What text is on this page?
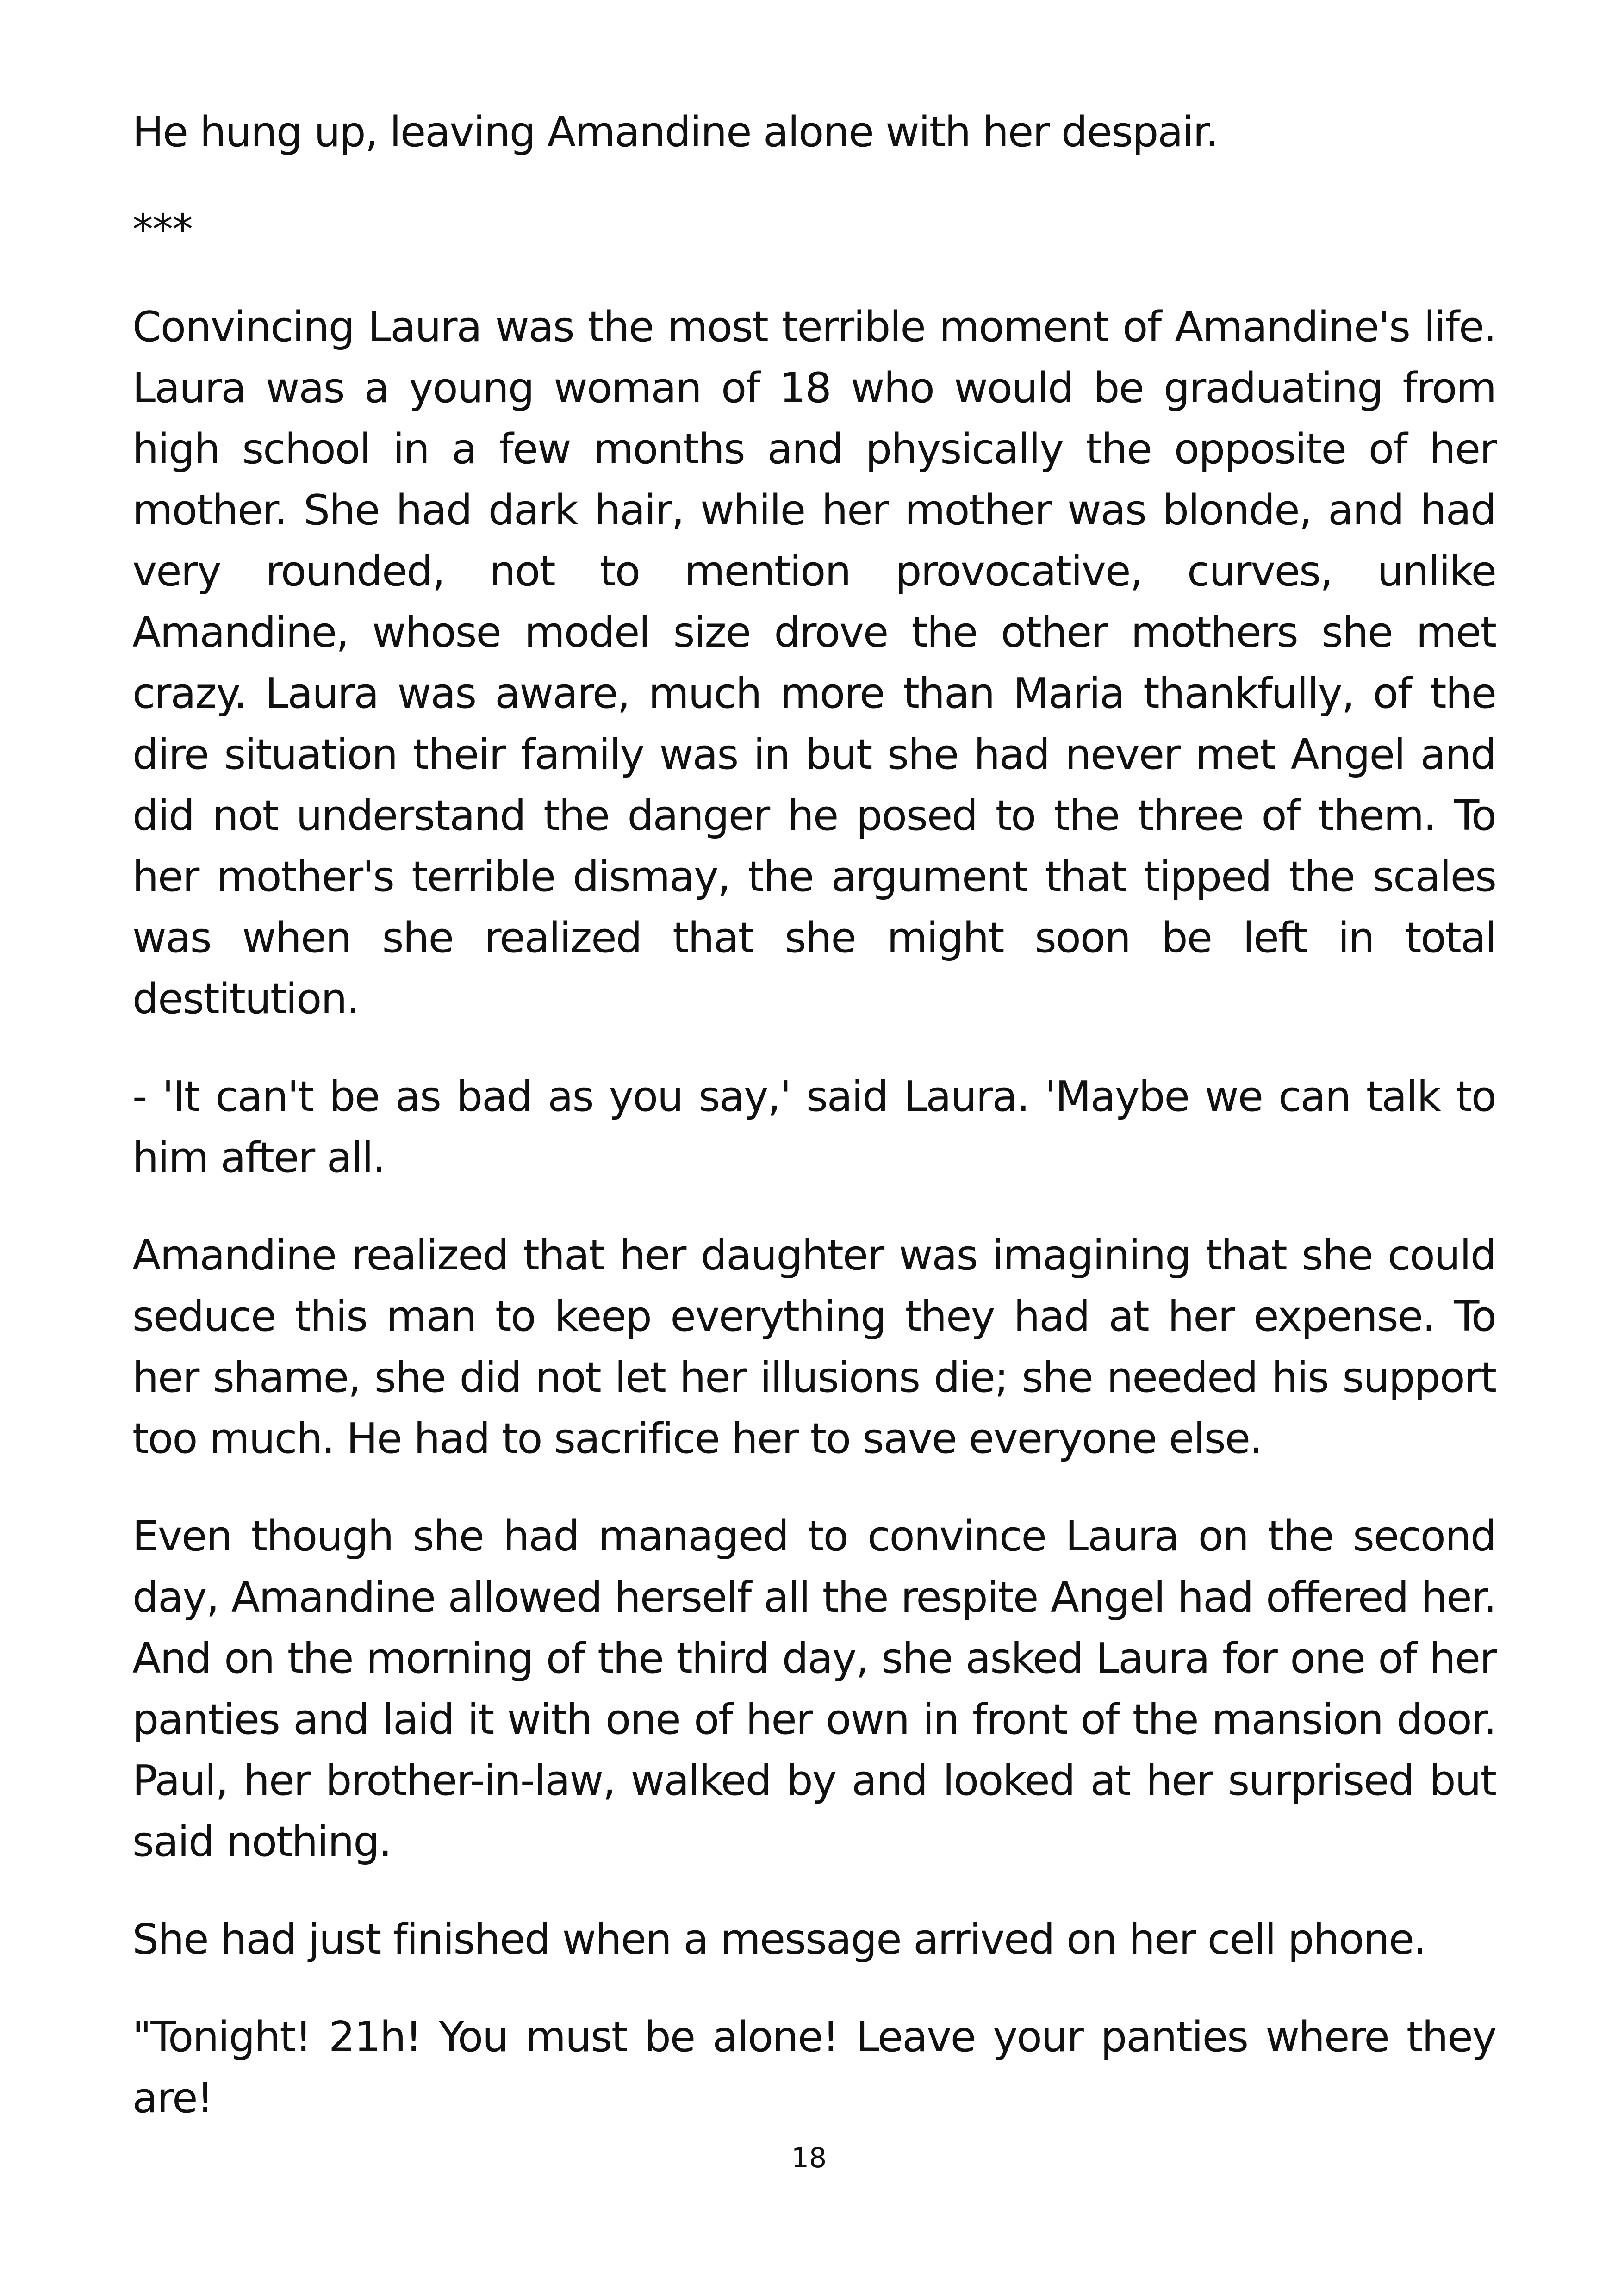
He hung up, leaving Amandine alone with her despair.

***

Convincing Laura was the most terrible moment of Amandine's life. Laura was a young woman of 18 who would be graduating from high school in a few months and physically the opposite of her mother. She had dark hair, while her mother was blonde, and had very rounded, not to mention provocative, curves, unlike Amandine, whose model size drove the other mothers she met crazy. Laura was aware, much more than Maria thankfully, of the dire situation their family was in but she had never met Angel and did not understand the danger he posed to the three of them. To her mother's terrible dismay, the argument that tipped the scales was when she realized that she might soon be left in total destitution.

- 'It can't be as bad as you say,' said Laura. 'Maybe we can talk to him after all.

Amandine realized that her daughter was imagining that she could seduce this man to keep everything they had at her expense. To her shame, she did not let her illusions die; she needed his support too much. He had to sacrifice her to save everyone else.

Even though she had managed to convince Laura on the second day, Amandine allowed herself all the respite Angel had offered her. And on the morning of the third day, she asked Laura for one of her panties and laid it with one of her own in front of the mansion door. Paul, her brother-in-law, walked by and looked at her surprised but said nothing.

She had just finished when a message arrived on her cell phone.

"Tonight! 21h! You must be alone! Leave your panties where they are!

18
